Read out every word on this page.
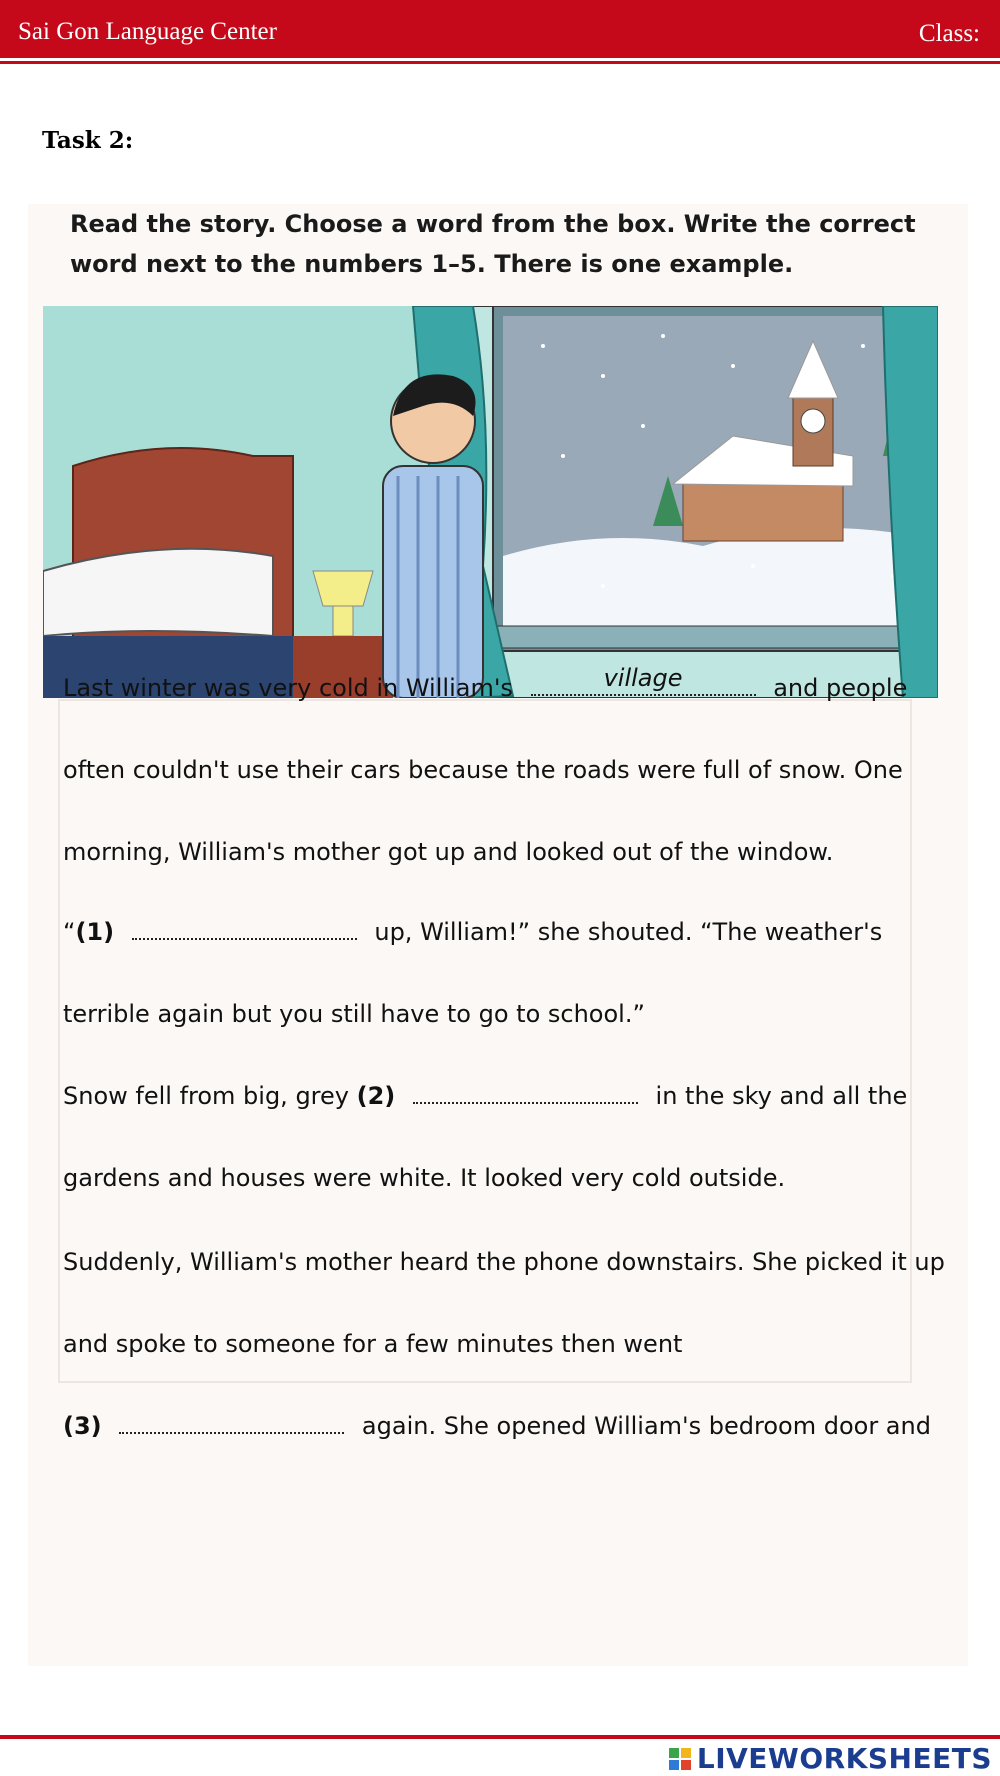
Sai Gon Language Center	Class:
Task 2:
Read the story. Choose a word from the box. Write the correct
word next to the numbers 1–5. There is one example.
Last winter was very cold in William's	village	and people
often couldn't use their cars because the roads were full of snow. One
morning, William's mother got up and looked out of the window.
“(1)	up, William!” she shouted. “The weather's
terrible again but you still have to go to school.”
Snow fell from big, grey (2)	in the sky and all the
gardens and houses were white. It looked very cold outside.
Suddenly, William's mother heard the phone downstairs. She picked it up
and spoke to someone for a few minutes then went
(3)	again. She opened William's bedroom door and
LIVEWORKSHEETS
